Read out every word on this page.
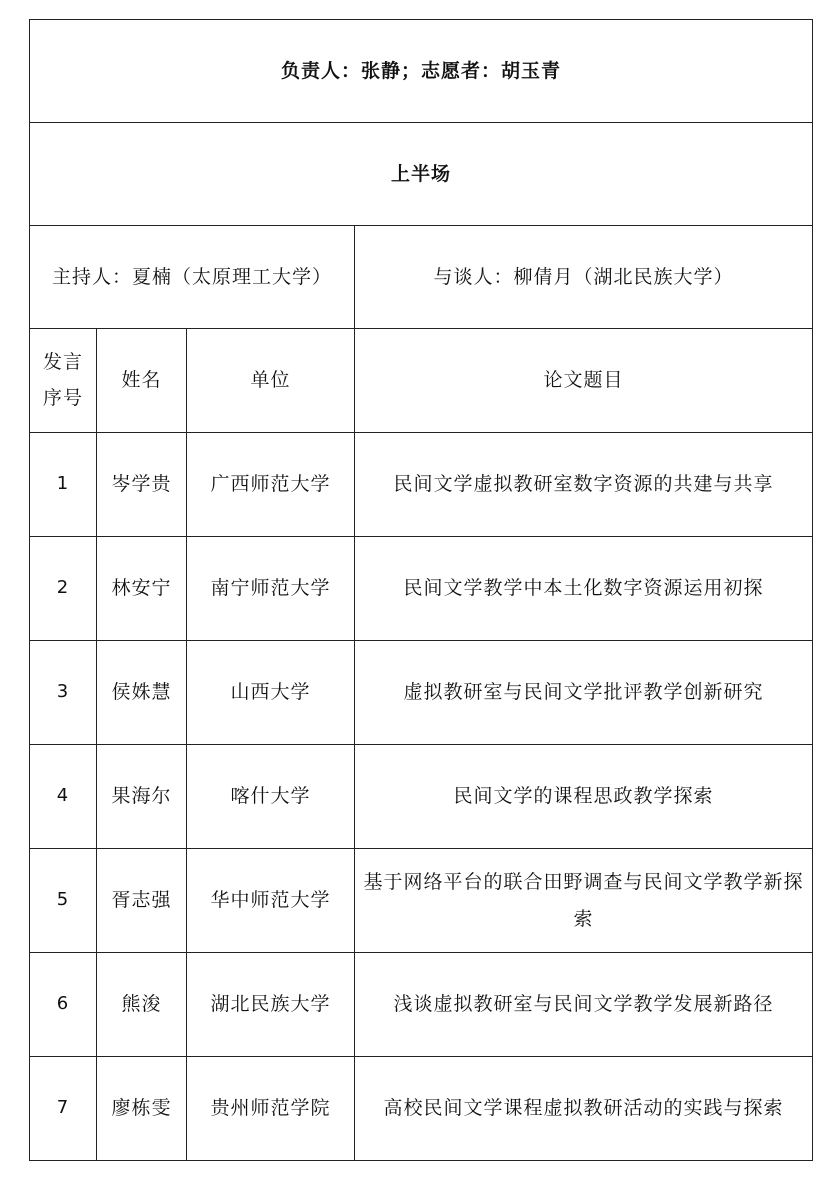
负责人：张静；志愿者：胡玉青			
上半场			
主持人：夏楠（太原理工大学）			与谈人：柳倩月（湖北民族大学）
发言
序号	姓名	单位	论文题目
1	岑学贵	广西师范大学	民间文学虚拟教研室数字资源的共建与共享
2	林安宁	南宁师范大学	民间文学教学中本土化数字资源运用初探
3	侯姝慧	山西大学	虚拟教研室与民间文学批评教学创新研究
4	果海尔	喀什大学	民间文学的课程思政教学探索
5	胥志强	华中师范大学	基于网络平台的联合田野调查与民间文学教学新探索
6	熊浚	湖北民族大学	浅谈虚拟教研室与民间文学教学发展新路径
7	廖栋雯	贵州师范学院	高校民间文学课程虚拟教研活动的实践与探索
